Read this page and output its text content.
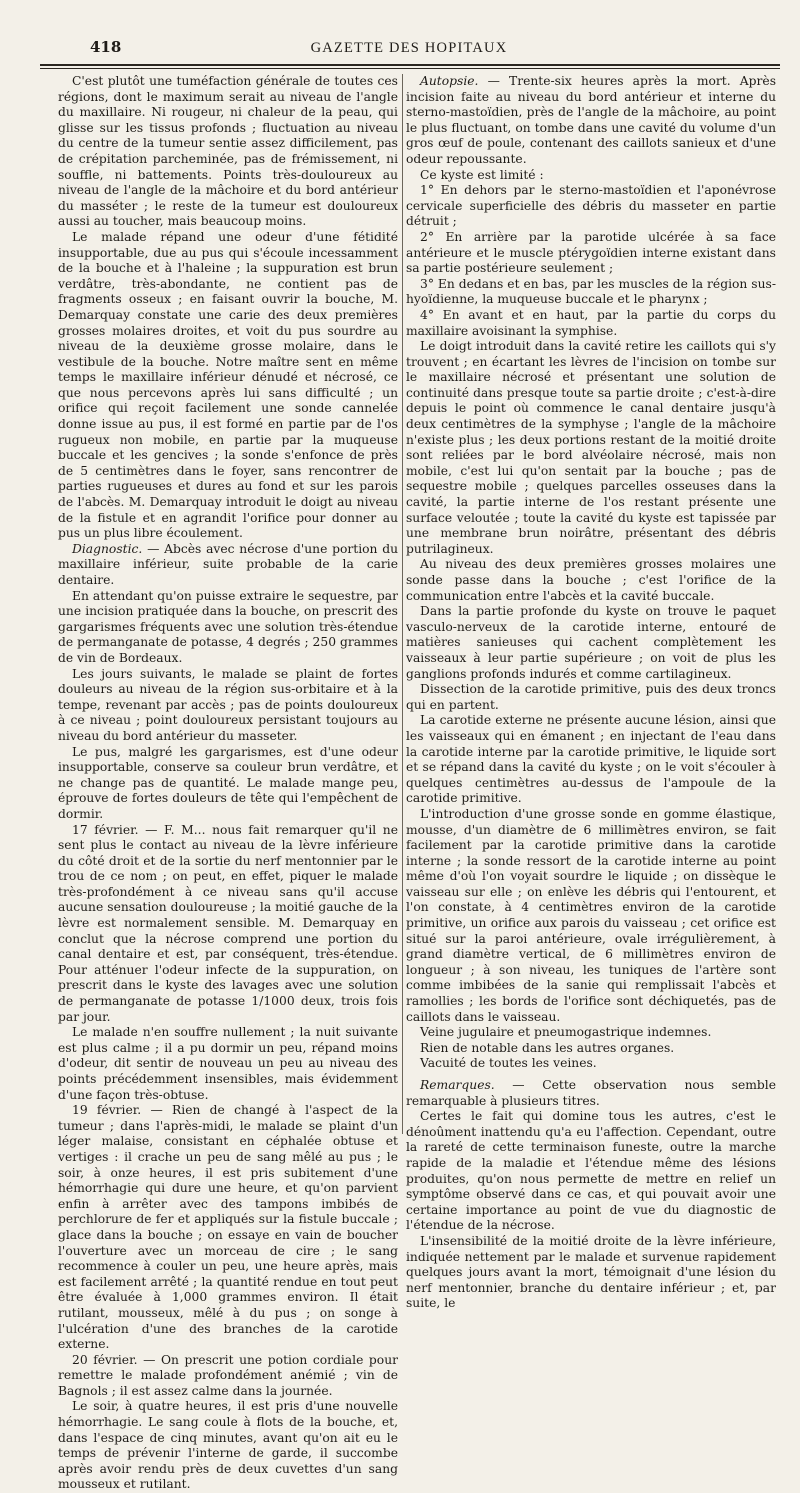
418	GAZETTE DES HOPITAUX

C'est plutôt une tuméfaction générale de toutes ces régions, dont le maximum serait au niveau de l'angle du maxillaire. Ni rougeur, ni chaleur de la peau, qui glisse sur les tissus profonds ; fluctuation au niveau du centre de la tumeur sentie assez difficilement, pas de crépitation parcheminée, pas de frémissement, ni souffle, ni battements. Points très-douloureux au niveau de l'angle de la mâchoire et du bord antérieur du masséter ; le reste de la tumeur est douloureux aussi au toucher, mais beaucoup moins.

Le malade répand une odeur d'une fétidité insupportable, due au pus qui s'écoule incessamment de la bouche et à l'haleine ; la suppuration est brun verdâtre, très-abondante, ne contient pas de fragments osseux ; en faisant ouvrir la bouche, M. Demarquay constate une carie des deux premières grosses molaires droites, et voit du pus sourdre au niveau de la deuxième grosse molaire, dans le vestibule de la bouche. Notre maître sent en même temps le maxillaire inférieur dénudé et nécrosé, ce que nous percevons après lui sans difficulté ; un orifice qui reçoit facilement une sonde cannelée donne issue au pus, il est formé en partie par de l'os rugueux non mobile, en partie par la muqueuse buccale et les gencives ; la sonde s'enfonce de près de 5 centimètres dans le foyer, sans rencontrer de parties rugueuses et dures au fond et sur les parois de l'abcès. M. Demarquay introduit le doigt au niveau de la fistule et en agrandit l'orifice pour donner au pus un plus libre écoulement.

Diagnostic. — Abcès avec nécrose d'une portion du maxillaire inférieur, suite probable de la carie dentaire.

En attendant qu'on puisse extraire le sequestre, par une incision pratiquée dans la bouche, on prescrit des gargarismes fréquents avec une solution très-étendue de permanganate de potasse, 4 degrés ; 250 grammes de vin de Bordeaux.

Les jours suivants, le malade se plaint de fortes douleurs au niveau de la région sus-orbitaire et à la tempe, revenant par accès ; pas de points douloureux à ce niveau ; point douloureux persistant toujours au niveau du bord antérieur du masseter.

Le pus, malgré les gargarismes, est d'une odeur insupportable, conserve sa couleur brun verdâtre, et ne change pas de quantité. Le malade mange peu, éprouve de fortes douleurs de tête qui l'empêchent de dormir.

17 février. — F. M... nous fait remarquer qu'il ne sent plus le contact au niveau de la lèvre inférieure du côté droit et de la sortie du nerf mentonnier par le trou de ce nom ; on peut, en effet, piquer le malade très-profondément à ce niveau sans qu'il accuse aucune sensation douloureuse ; la moitié gauche de la lèvre est normalement sensible. M. Demarquay en conclut que la nécrose comprend une portion du canal dentaire et est, par conséquent, très-étendue. Pour atténuer l'odeur infecte de la suppuration, on prescrit dans le kyste des lavages avec une solution de permanganate de potasse 1/1000 deux, trois fois par jour.

Le malade n'en souffre nullement ; la nuit suivante est plus calme ; il a pu dormir un peu, répand moins d'odeur, dit sentir de nouveau un peu au niveau des points précédemment insensibles, mais évidemment d'une façon très-obtuse.

19 février. — Rien de changé à l'aspect de la tumeur ; dans l'après-midi, le malade se plaint d'un léger malaise, consistant en céphalée obtuse et vertiges : il crache un peu de sang mêlé au pus ; le soir, à onze heures, il est pris subitement d'une hémorrhagie qui dure une heure, et qu'on parvient enfin à arrêter avec des tampons imbibés de perchlorure de fer et appliqués sur la fistule buccale ; glace dans la bouche ; on essaye en vain de boucher l'ouverture avec un morceau de cire ; le sang recommence à couler un peu, une heure après, mais est facilement arrêté ; la quantité rendue en tout peut être évaluée à 1,000 grammes environ. Il était rutilant, mousseux, mêlé à du pus ; on songe à l'ulcération d'une des branches de la carotide externe.

20 février. — On prescrit une potion cordiale pour remettre le malade profondément anémié ; vin de Bagnols ; il est assez calme dans la journée.

Le soir, à quatre heures, il est pris d'une nouvelle hémorrhagie. Le sang coule à flots de la bouche, et, dans l'espace de cinq minutes, avant qu'on ait eu le temps de prévenir l'interne de garde, il succombe après avoir rendu près de deux cuvettes d'un sang mousseux et rutilant.

Autopsie. — Trente-six heures après la mort. Après incision faite au niveau du bord antérieur et interne du sterno-mastoïdien, près de l'angle de la mâchoire, au point le plus fluctuant, on tombe dans une cavité du volume d'un gros œuf de poule, contenant des caillots sanieux et d'une odeur repoussante.

Ce kyste est limité :

1° En dehors par le sterno-mastoïdien et l'aponévrose cervicale superficielle des débris du masseter en partie détruit ;

2° En arrière par la parotide ulcérée à sa face antérieure et le muscle ptérygoïdien interne existant dans sa partie postérieure seulement ;

3° En dedans et en bas, par les muscles de la région sus-hyoïdienne, la muqueuse buccale et le pharynx ;

4° En avant et en haut, par la partie du corps du maxillaire avoisinant la symphise.

Le doigt introduit dans la cavité retire les caillots qui s'y trouvent ; en écartant les lèvres de l'incision on tombe sur le maxillaire nécrosé et présentant une solution de continuité dans presque toute sa partie droite ; c'est-à-dire depuis le point où commence le canal dentaire jusqu'à deux centimètres de la symphyse ; l'angle de la mâchoire n'existe plus ; les deux portions restant de la moitié droite sont reliées par le bord alvéolaire nécrosé, mais non mobile, c'est lui qu'on sentait par la bouche ; pas de sequestre mobile ; quelques parcelles osseuses dans la cavité, la partie interne de l'os restant présente une surface veloutée ; toute la cavité du kyste est tapissée par une membrane brun noirâtre, présentant des débris putrilagineux.

Au niveau des deux premières grosses molaires une sonde passe dans la bouche ; c'est l'orifice de la communication entre l'abcès et la cavité buccale.

Dans la partie profonde du kyste on trouve le paquet vasculo-nerveux de la carotide interne, entouré de matières sanieuses qui cachent complètement les vaisseaux à leur partie supérieure ; on voit de plus les ganglions profonds indurés et comme cartilagineux.

Dissection de la carotide primitive, puis des deux troncs qui en partent.

La carotide externe ne présente aucune lésion, ainsi que les vaisseaux qui en émanent ; en injectant de l'eau dans la carotide interne par la carotide primitive, le liquide sort et se répand dans la cavité du kyste ; on le voit s'écouler à quelques centimètres au-dessus de l'ampoule de la carotide primitive.

L'introduction d'une grosse sonde en gomme élastique, mousse, d'un diamètre de 6 millimètres environ, se fait facilement par la carotide primitive dans la carotide interne ; la sonde ressort de la carotide interne au point même d'où l'on voyait sourdre le liquide ; on dissèque le vaisseau sur elle ; on enlève les débris qui l'entourent, et l'on constate, à 4 centimètres environ de la carotide primitive, un orifice aux parois du vaisseau ; cet orifice est situé sur la paroi antérieure, ovale irrégulièrement, à grand diamètre vertical, de 6 millimètres environ de longueur ; à son niveau, les tuniques de l'artère sont comme imbibées de la sanie qui remplissait l'abcès et ramollies ; les bords de l'orifice sont déchiquetés, pas de caillots dans le vaisseau.

Veine jugulaire et pneumogastrique indemnes.

Rien de notable dans les autres organes.

Vacuité de toutes les veines.

Remarques. — Cette observation nous semble remarquable à plusieurs titres.

Certes le fait qui domine tous les autres, c'est le dénoûment inattendu qu'a eu l'affection. Cependant, outre la rareté de cette terminaison funeste, outre la marche rapide de la maladie et l'étendue même des lésions produites, qu'on nous permette de mettre en relief un symptôme observé dans ce cas, et qui pouvait avoir une certaine importance au point de vue du diagnostic de l'étendue de la nécrose.

L'insensibilité de la moitié droite de la lèvre inférieure, indiquée nettement par le malade et survenue rapidement quelques jours avant la mort, témoignait d'une lésion du nerf mentonnier, branche du dentaire inférieur ; et, par suite, le
